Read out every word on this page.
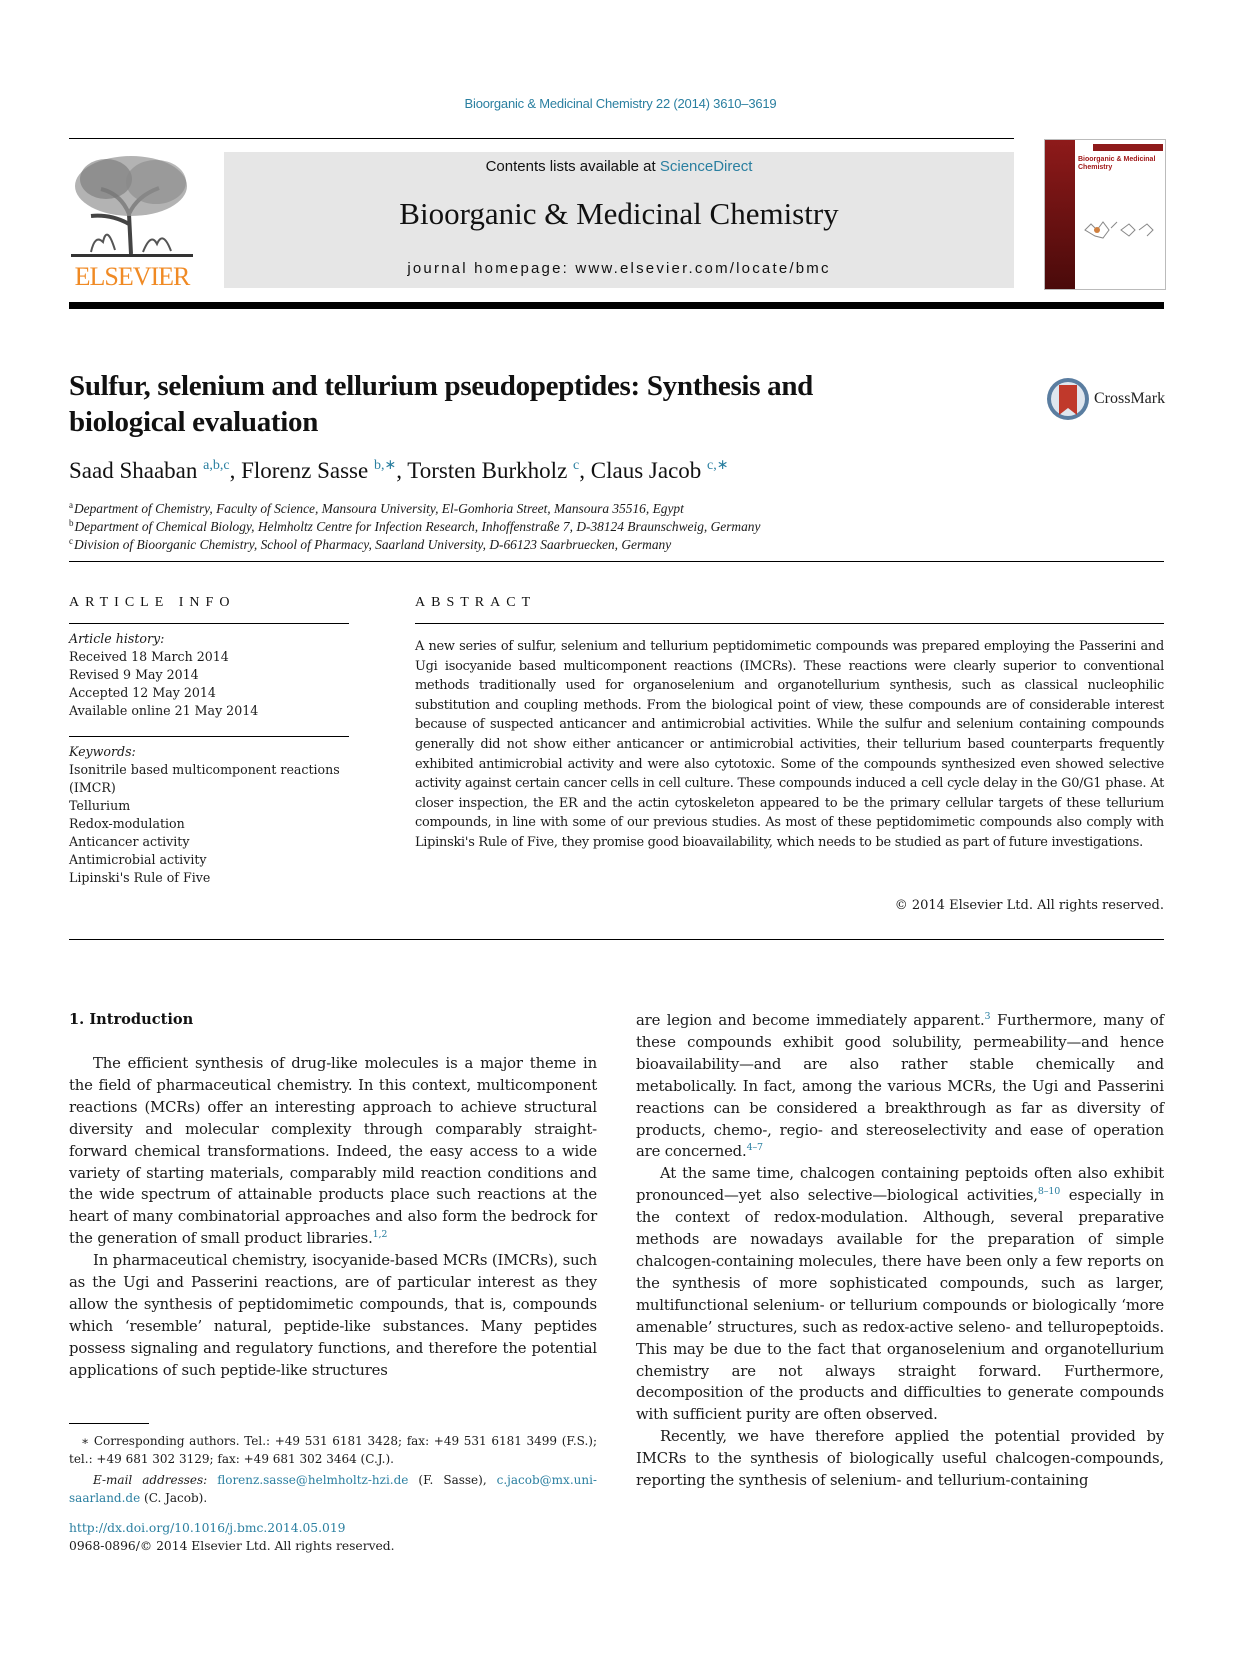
Bioorganic & Medicinal Chemistry 22 (2014) 3610–3619
ELSEVIER
Contents lists available at ScienceDirect
Bioorganic & Medicinal Chemistry
journal homepage: www.elsevier.com/locate/bmc
Bioorganic & Medicinal Chemistry
Sulfur, selenium and tellurium pseudopeptides: Synthesis and biological evaluation
CrossMark
Saad Shaaban $^{a,b,c}$, Florenz Sasse $^{b,∗}$, Torsten Burkholz $^c$, Claus Jacob $^{c,∗}$
$^a$Department of Chemistry, Faculty of Science, Mansoura University, El-Gomhoria Street, Mansoura 35516, Egypt
$^b$Department of Chemical Biology, Helmholtz Centre for Infection Research, Inhoffenstraße 7, D-38124 Braunschweig, Germany
$^c$Division of Bioorganic Chemistry, School of Pharmacy, Saarland University, D-66123 Saarbruecken, Germany
ARTICLE INFO
Article history:
Received 18 March 2014
Revised 9 May 2014
Accepted 12 May 2014
Available online 21 May 2014
Keywords:
Isonitrile based multicomponent reactions (IMCR)
Tellurium
Redox-modulation
Anticancer activity
Antimicrobial activity
Lipinski's Rule of Five
ABSTRACT
A new series of sulfur, selenium and tellurium peptidomimetic compounds was prepared employing the Passerini and Ugi isocyanide based multicomponent reactions (IMCRs). These reactions were clearly superior to conventional methods traditionally used for organoselenium and organotellurium synthesis, such as classical nucleophilic substitution and coupling methods. From the biological point of view, these compounds are of considerable interest because of suspected anticancer and antimicrobial activities. While the sulfur and selenium containing compounds generally did not show either anticancer or antimicrobial activities, their tellurium based counterparts frequently exhibited antimicrobial activity and were also cytotoxic. Some of the compounds synthesized even showed selective activity against certain cancer cells in cell culture. These compounds induced a cell cycle delay in the G0/G1 phase. At closer inspection, the ER and the actin cytoskeleton appeared to be the primary cellular targets of these tellurium compounds, in line with some of our previous studies. As most of these peptidomimetic compounds also comply with Lipinski's Rule of Five, they promise good bioavailability, which needs to be studied as part of future investigations.
© 2014 Elsevier Ltd. All rights reserved.
1. Introduction

The efficient synthesis of drug-like molecules is a major theme in the field of pharmaceutical chemistry. In this context, multicomponent reactions (MCRs) offer an interesting approach to achieve structural diversity and molecular complexity through comparably straight-forward chemical transformations. Indeed, the easy access to a wide variety of starting materials, comparably mild reaction conditions and the wide spectrum of attainable products place such reactions at the heart of many combinatorial approaches and also form the bedrock for the generation of small product libraries.$^{1,2}$

In pharmaceutical chemistry, isocyanide-based MCRs (IMCRs), such as the Ugi and Passerini reactions, are of particular interest as they allow the synthesis of peptidomimetic compounds, that is, compounds which ‘resemble’ natural, peptide-like substances. Many peptides possess signaling and regulatory functions, and therefore the potential applications of such peptide-like structures

are legion and become immediately apparent.$^3$ Furthermore, many of these compounds exhibit good solubility, permeability—and hence bioavailability—and are also rather stable chemically and metabolically. In fact, among the various MCRs, the Ugi and Passerini reactions can be considered a breakthrough as far as diversity of products, chemo-, regio- and stereoselectivity and ease of operation are concerned.$^{4-7}$

At the same time, chalcogen containing peptoids often also exhibit pronounced—yet also selective—biological activities,$^{8-10}$ especially in the context of redox-modulation. Although, several preparative methods are nowadays available for the preparation of simple chalcogen-containing molecules, there have been only a few reports on the synthesis of more sophisticated compounds, such as larger, multifunctional selenium- or tellurium compounds or biologically ‘more amenable’ structures, such as redox-active seleno- and telluropeptoids. This may be due to the fact that organoselenium and organotellurium chemistry are not always straight forward. Furthermore, decomposition of the products and difficulties to generate compounds with sufficient purity are often observed.

Recently, we have therefore applied the potential provided by IMCRs to the synthesis of biologically useful chalcogen-compounds, reporting the synthesis of selenium- and tellurium-containing

∗ Corresponding authors. Tel.: +49 531 6181 3428; fax: +49 531 6181 3499 (F.S.); tel.: +49 681 302 3129; fax: +49 681 302 3464 (C.J.).

E-mail addresses: florenz.sasse@helmholtz-hzi.de (F. Sasse), c.jacob@mx.uni-saarland.de (C. Jacob).

http://dx.doi.org/10.1016/j.bmc.2014.05.019
0968-0896/© 2014 Elsevier Ltd. All rights reserved.
